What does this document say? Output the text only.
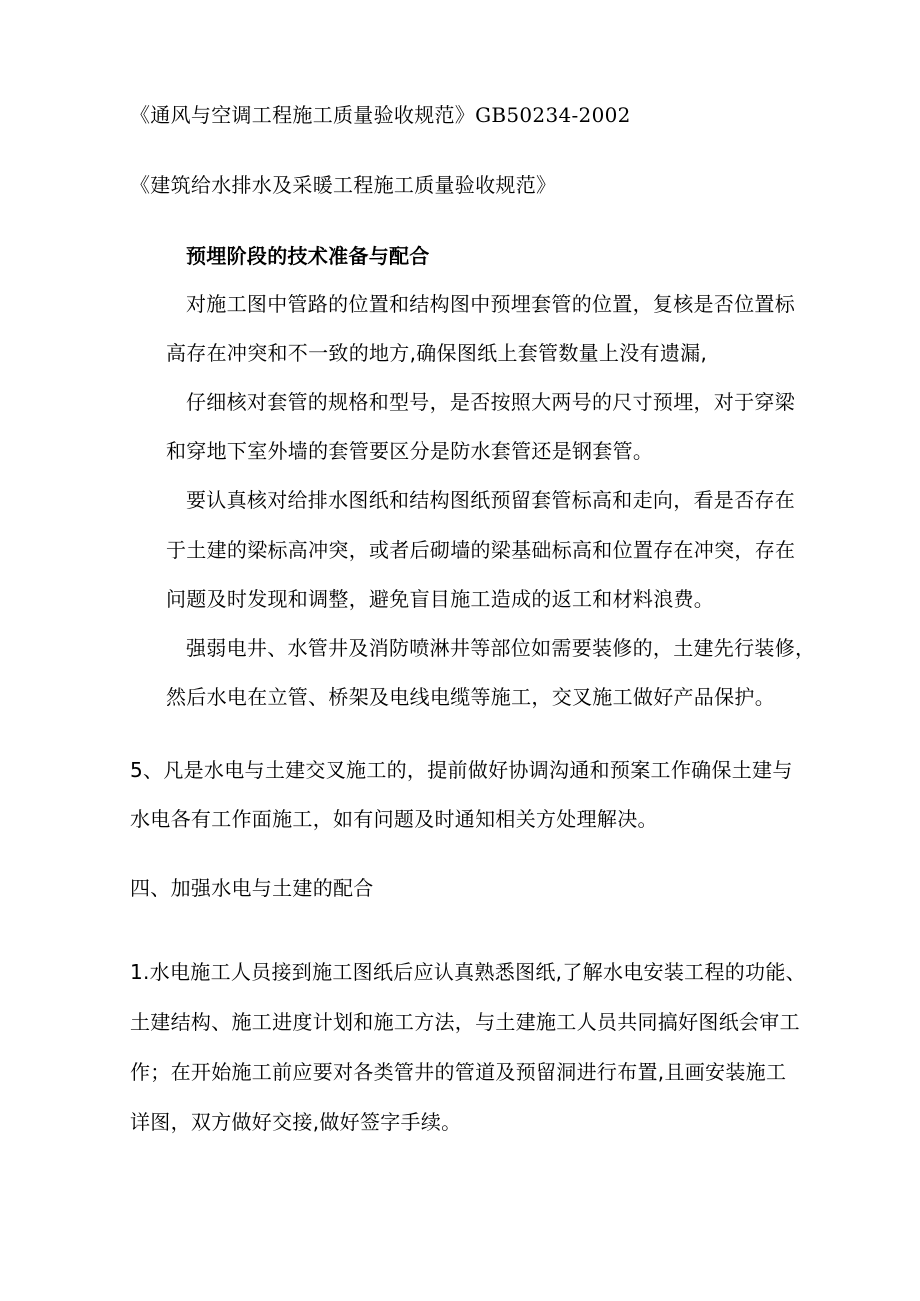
《通风与空调工程施工质量验收规范》GB50234-2002
《建筑给水排水及采暖工程施工质量验收规范》
预埋阶段的技术准备与配合
对施工图中管路的位置和结构图中预埋套管的位置，复核是否位置标
高存在冲突和不一致的地方,确保图纸上套管数量上没有遗漏,
仔细核对套管的规格和型号，是否按照大两号的尺寸预埋，对于穿梁
和穿地下室外墙的套管要区分是防水套管还是钢套管。
要认真核对给排水图纸和结构图纸预留套管标高和走向，看是否存在
于土建的梁标高冲突，或者后砌墙的梁基础标高和位置存在冲突，存在
问题及时发现和调整，避免盲目施工造成的返工和材料浪费。
强弱电井、水管井及消防喷淋井等部位如需要装修的，土建先行装修，
然后水电在立管、桥架及电线电缆等施工，交叉施工做好产品保护。
5、凡是水电与土建交叉施工的，提前做好协调沟通和预案工作确保土建与
水电各有工作面施工，如有问题及时通知相关方处理解决。
四、加强水电与土建的配合
1.水电施工人员接到施工图纸后应认真熟悉图纸,了解水电安装工程的功能、
土建结构、施工进度计划和施工方法，与土建施工人员共同搞好图纸会审工
作；在开始施工前应要对各类管井的管道及预留洞进行布置,且画安装施工
详图，双方做好交接,做好签字手续。
